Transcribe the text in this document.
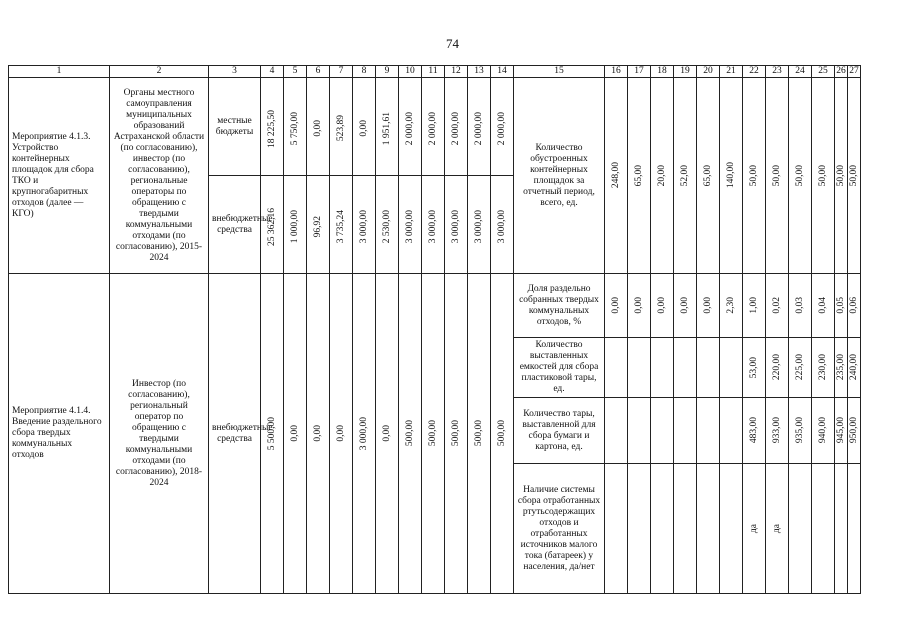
74
1	2	3	4	5	6	7	8	9	10	11	12	13	14	15	16	17	18	19	20	21	22	23	24	25	26	27
Мероприятие 4.1.3. Устройство контейнерных площадок для сбора ТКО и крупногабаритных отходов (далее — КГО)	Органы местного самоуправления муниципальных образований Астраханской области (по согласованию), инвестор (по согласованию), региональные операторы по обращению с твердыми коммунальными отходами (по согласованию), 2015-2024	местные бюджеты	18 225,50	5 750,00	0,00	523,89	0,00	1 951,61	2 000,00	2 000,00	2 000,00	2 000,00	2 000,00	Количество обустроенных контейнерных площадок за отчетный период, всего, ед.	248,00	65,00	20,00	52,00	65,00	140,00	50,00	50,00	50,00	50,00	50,00	50,00

		внебюджетные средства	25 362,16	1 000,00	96,92	3 735,24	3 000,00	2 530,00	3 000,00	3 000,00	3 000,00	3 000,00	3 000,00													

Мероприятие 4.1.4. Введение раздельного сбора твердых коммунальных отходов	Инвестор (по согласованию), региональный оператор по обращению с твердыми коммунальными отходами (по согласованию), 2018-2024	внебюджетные средства	5 500,00	0,00	0,00	0,00	3 000,00	0,00	500,00	500,00	500,00	500,00	500,00	Доля раздельно собранных твердых коммунальных отходов, %	0,00	0,00	0,00	0,00	0,00	2,30	1,00	0,02	0,03	0,04	0,05	0,06

														Количество выставленных емкостей для сбора пластиковой тары, ед.							53,00	220,00	225,00	230,00	235,00	240,00

														Количество тары, выставленной для сбора бумаги и картона, ед.							483,00	933,00	935,00	940,00	945,00	950,00

														Наличие системы сбора отработанных ртутьсодержащих отходов и отработанных источников малого тока (батареек) у населения, да/нет							да	да				
